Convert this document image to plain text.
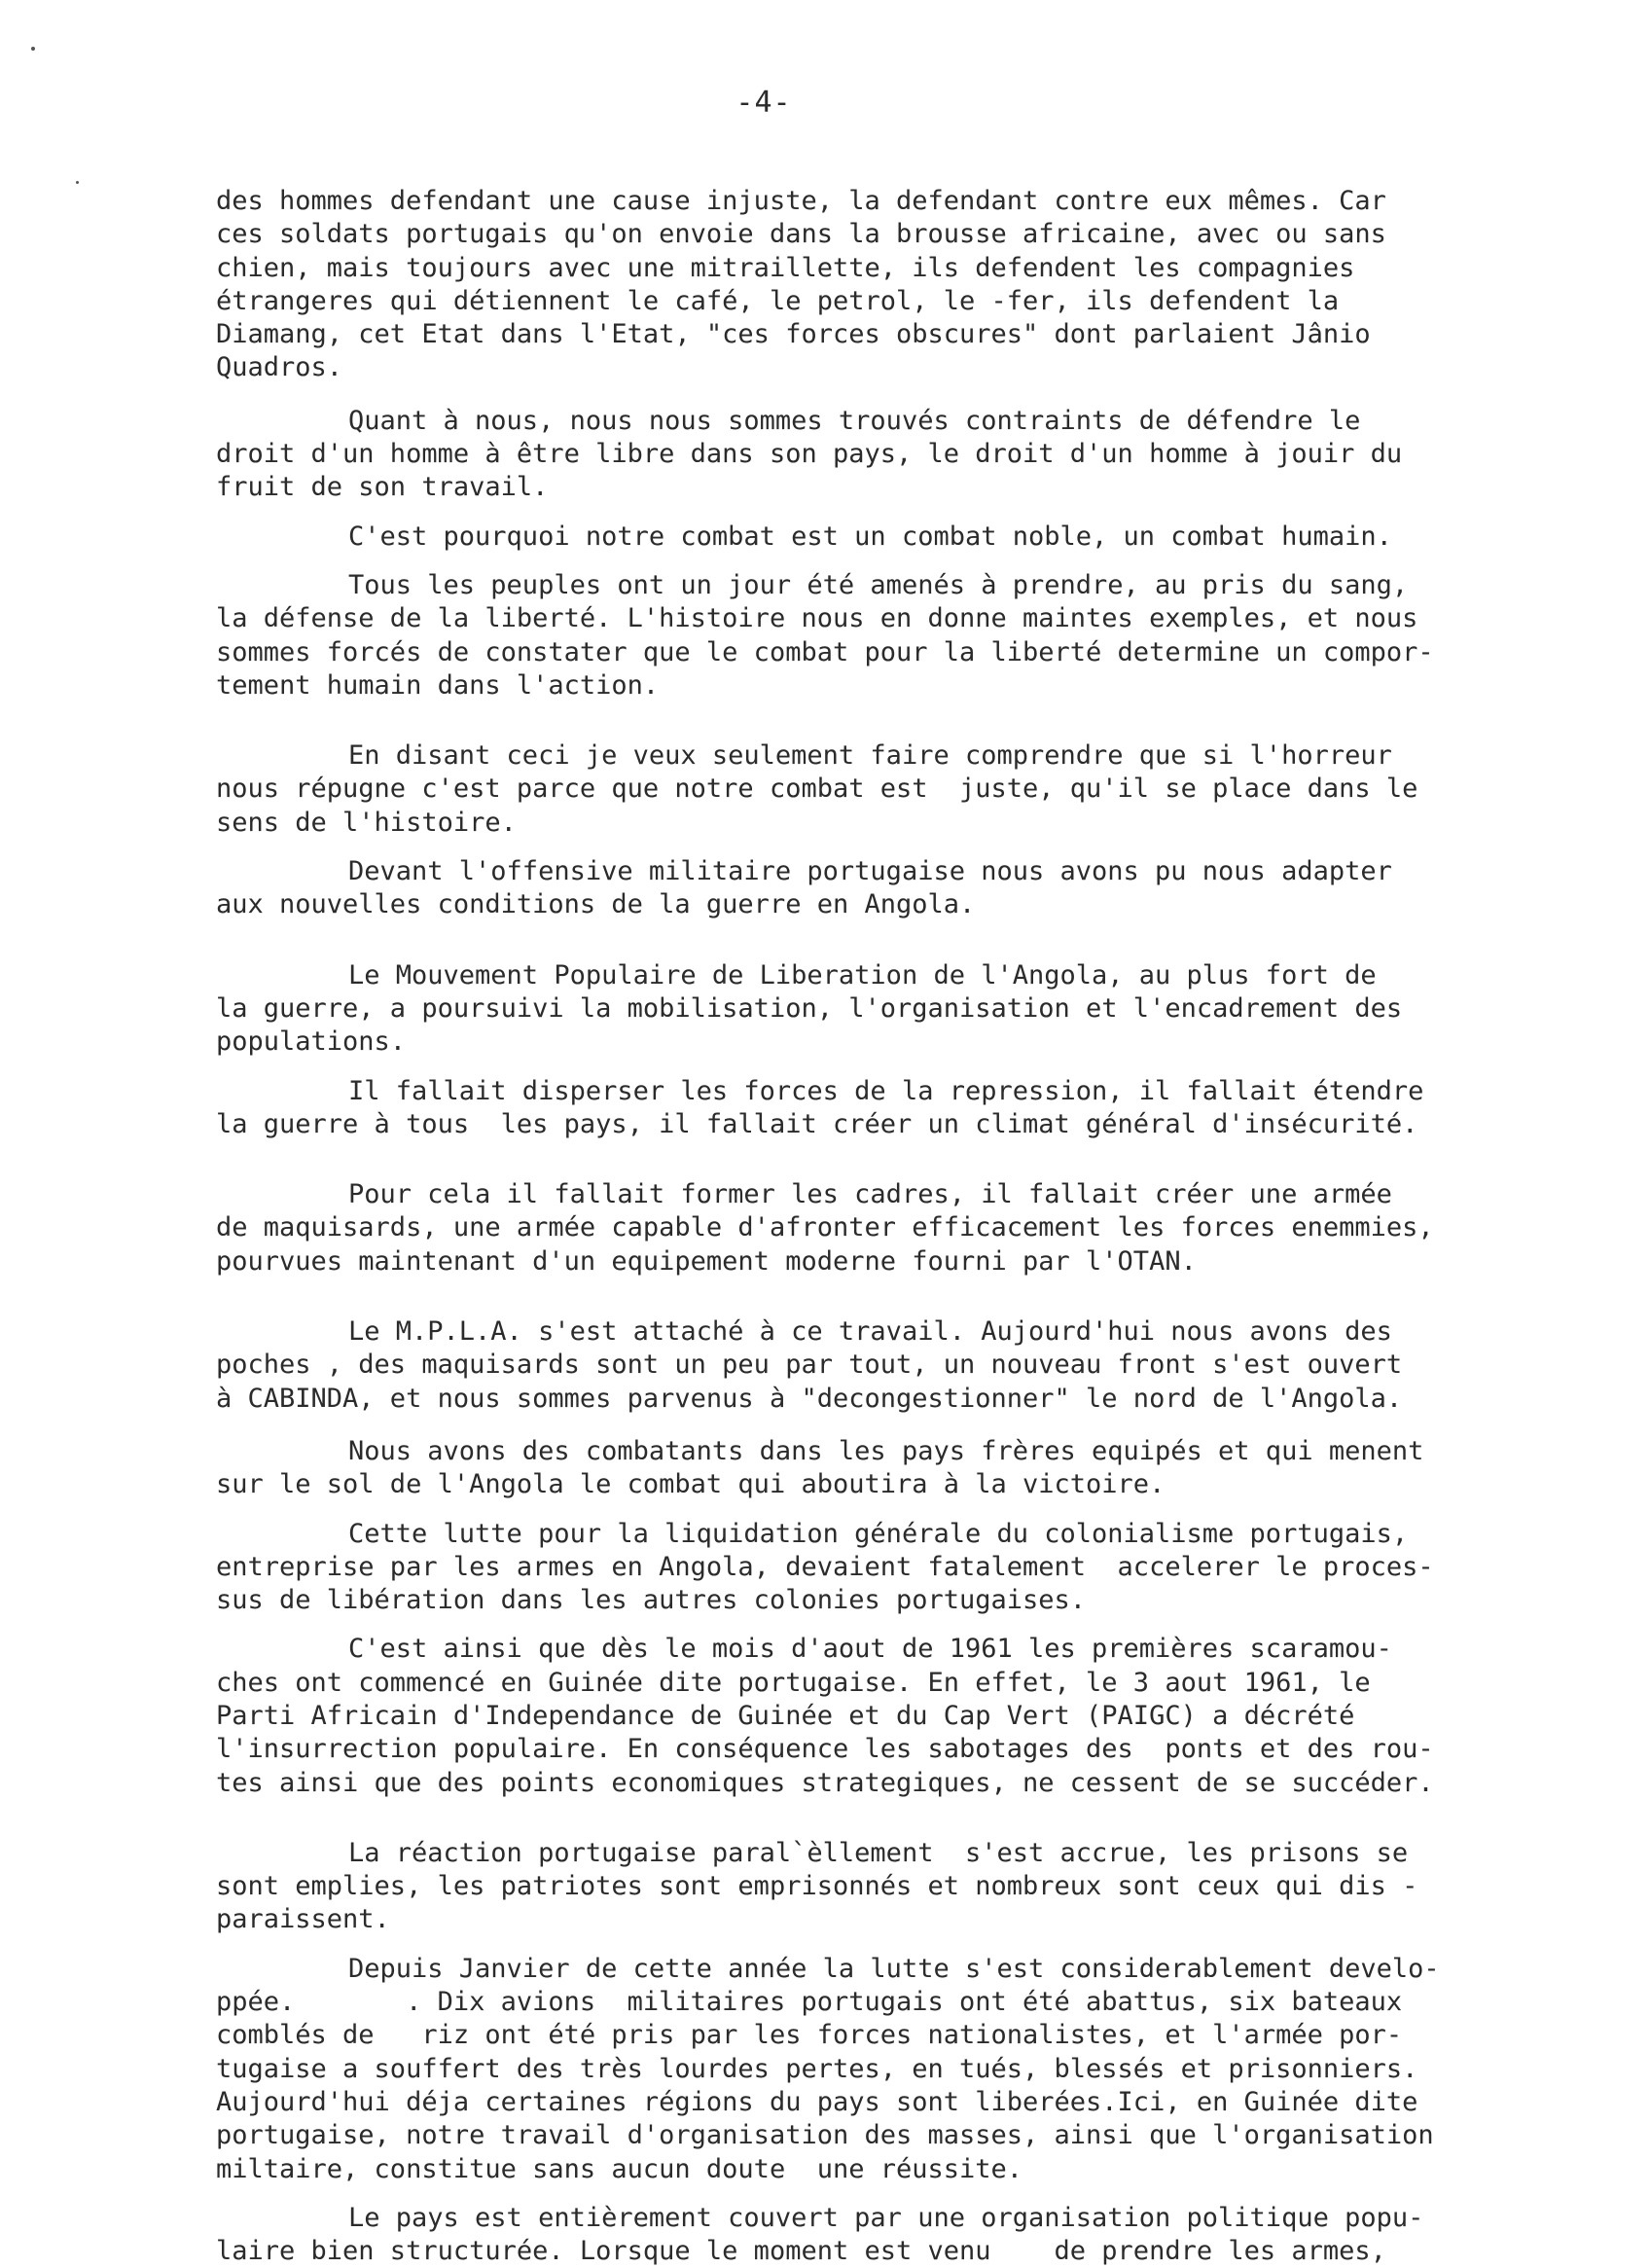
-4-
des hommes defendant une cause injuste, la defendant contre eux mêmes. Car
ces soldats portugais qu'on envoie dans la brousse africaine, avec ou sans
chien, mais toujours avec une mitraillette, ils defendent les compagnies
étrangeres qui détiennent le café, le petrol, le -fer, ils defendent la
Diamang, cet Etat dans l'Etat, "ces forces obscures" dont parlaient Jânio
Quadros.
Quant à nous, nous nous sommes trouvés contraints de défendre le
droit d'un homme à être libre dans son pays, le droit d'un homme à jouir du
fruit de son travail.
C'est pourquoi notre combat est un combat noble, un combat humain.
Tous les peuples ont un jour été amenés à prendre, au pris du sang,
la défense de la liberté. L'histoire nous en donne maintes exemples, et nous
sommes forcés de constater que le combat pour la liberté determine un compor-
tement humain dans l'action.
En disant ceci je veux seulement faire comprendre que si l'horreur
nous répugne c'est parce que notre combat est  juste, qu'il se place dans le
sens de l'histoire.
Devant l'offensive militaire portugaise nous avons pu nous adapter
aux nouvelles conditions de la guerre en Angola.
Le Mouvement Populaire de Liberation de l'Angola, au plus fort de
la guerre, a poursuivi la mobilisation, l'organisation et l'encadrement des
populations.
Il fallait disperser les forces de la repression, il fallait étendre
la guerre à tous  les pays, il fallait créer un climat général d'insécurité.
Pour cela il fallait former les cadres, il fallait créer une armée
de maquisards, une armée capable d'afronter efficacement les forces enemmies,
pourvues maintenant d'un equipement moderne fourni par l'OTAN.
Le M.P.L.A. s'est attaché à ce travail. Aujourd'hui nous avons des
poches , des maquisards sont un peu par tout, un nouveau front s'est ouvert
à CABINDA, et nous sommes parvenus à "decongestionner" le nord de l'Angola.
Nous avons des combatants dans les pays frères equipés et qui menent
sur le sol de l'Angola le combat qui aboutira à la victoire.
Cette lutte pour la liquidation générale du colonialisme portugais,
entreprise par les armes en Angola, devaient fatalement  accelerer le proces-
sus de libération dans les autres colonies portugaises.
C'est ainsi que dès le mois d'aout de 1961 les premières scaramou-
ches ont commencé en Guinée dite portugaise. En effet, le 3 aout 1961, le
Parti Africain d'Independance de Guinée et du Cap Vert (PAIGC) a décrété
l'insurrection populaire. En conséquence les sabotages des  ponts et des rou-
tes ainsi que des points economiques strategiques, ne cessent de se succéder.
La réaction portugaise paral`èllement  s'est accrue, les prisons se
sont emplies, les patriotes sont emprisonnés et nombreux sont ceux qui dis -
paraissent.
Depuis Janvier de cette année la lutte s'est considerablement develo-
ppée.       . Dix avions  militaires portugais ont été abattus, six bateaux
comblés de   riz ont été pris par les forces nationalistes, et l'armée por-
tugaise a souffert des très lourdes pertes, en tués, blessés et prisonniers.
Aujourd'hui déja certaines régions du pays sont liberées.Ici, en Guinée dite
portugaise, notre travail d'organisation des masses, ainsi que l'organisation
miltaire, constitue sans aucun doute  une réussite.
Le pays est entièrement couvert par une organisation politique popu-
laire bien structurée. Lorsque le moment est venu    de prendre les armes,
